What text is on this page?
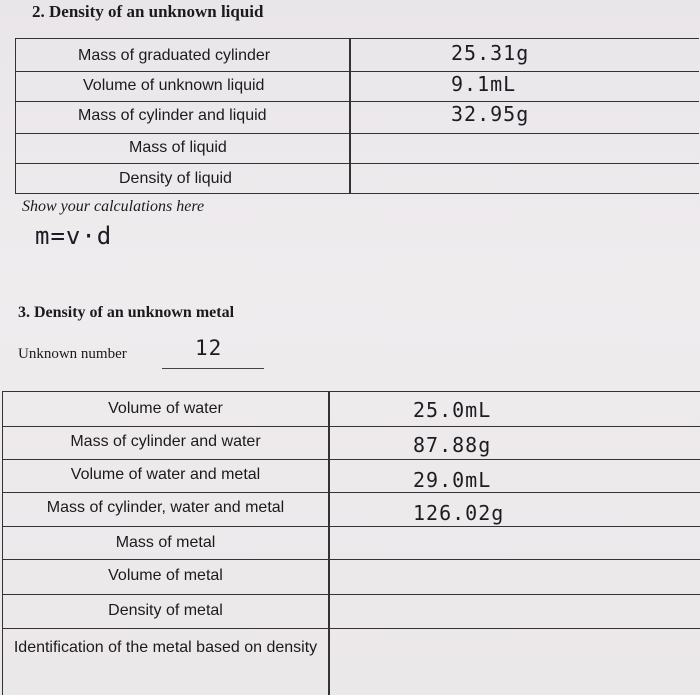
2. Density of an unknown liquid
Mass of graduated cylinder	25.31g
Volume of unknown liquid	9.1mL
Mass of cylinder and liquid	32.95g
Mass of liquid
Density of liquid
Show your calculations here
m=v·d
3. Density of an unknown metal
Unknown number	12
Volume of water	25.0mL
Mass of cylinder and water	87.88g
Volume of water and metal	29.0mL
Mass of cylinder, water and metal	126.02g
Mass of metal
Volume of metal
Density of metal
Identification of the metal based on density
